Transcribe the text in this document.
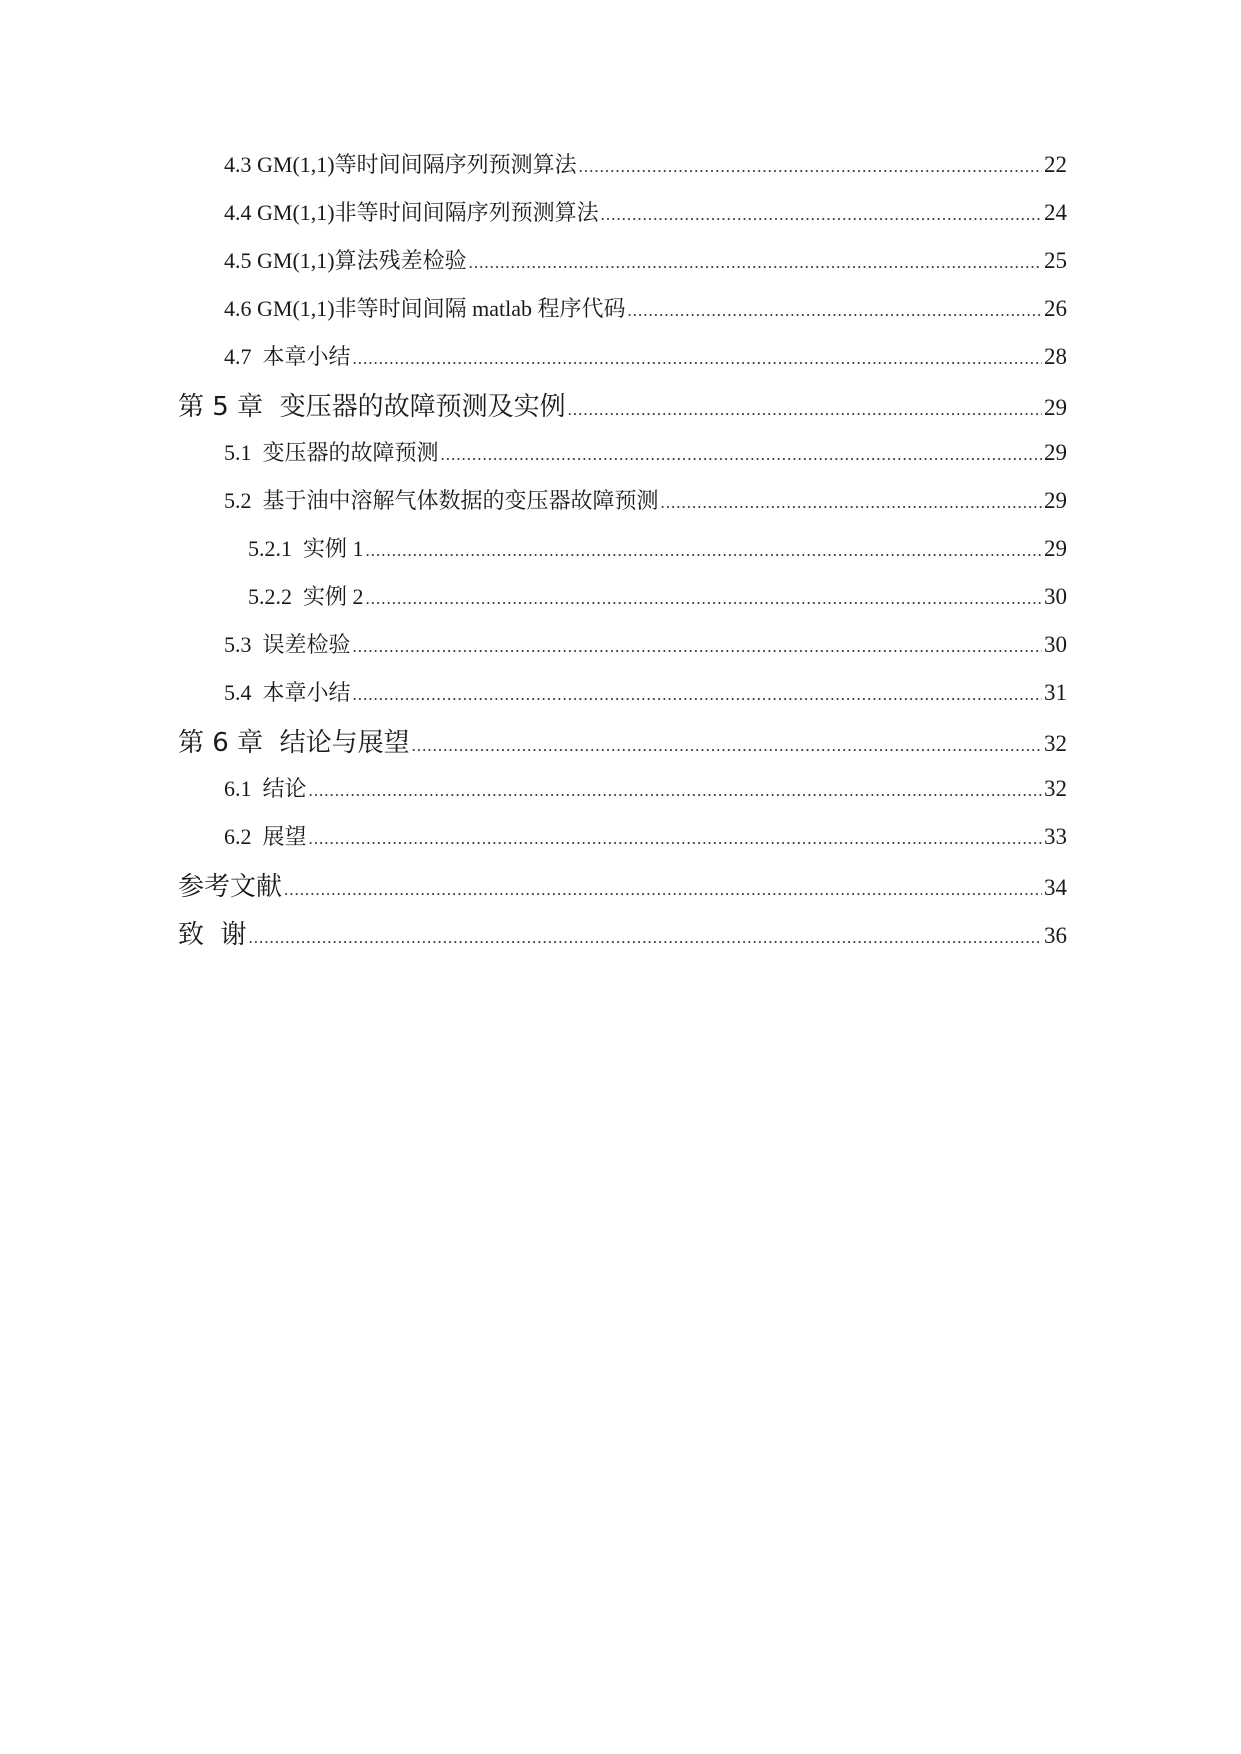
4.3 GM(1,1)等时间间隔序列预测算法 .....	22
4.4 GM(1,1)非等时间间隔序列预测算法 .....	24
4.5 GM(1,1)算法残差检验 .....	25
4.6 GM(1,1)非等时间间隔 matlab 程序代码 .....	26
4.7 本章小结 .....	28
第 5 章 变压器的故障预测及实例 .....	29
5.1 变压器的故障预测 .....	29
5.2 基于油中溶解气体数据的变压器故障预测 .....	29
5.2.1 实例 1 .....	29
5.2.2 实例 2 .....	30
5.3 误差检验 .....	30
5.4 本章小结 .....	31
第 6 章 结论与展望 .....	32
6.1 结论 .....	32
6.2 展望 .....	33
参考文献 .....	34
致  谢 .....	36
